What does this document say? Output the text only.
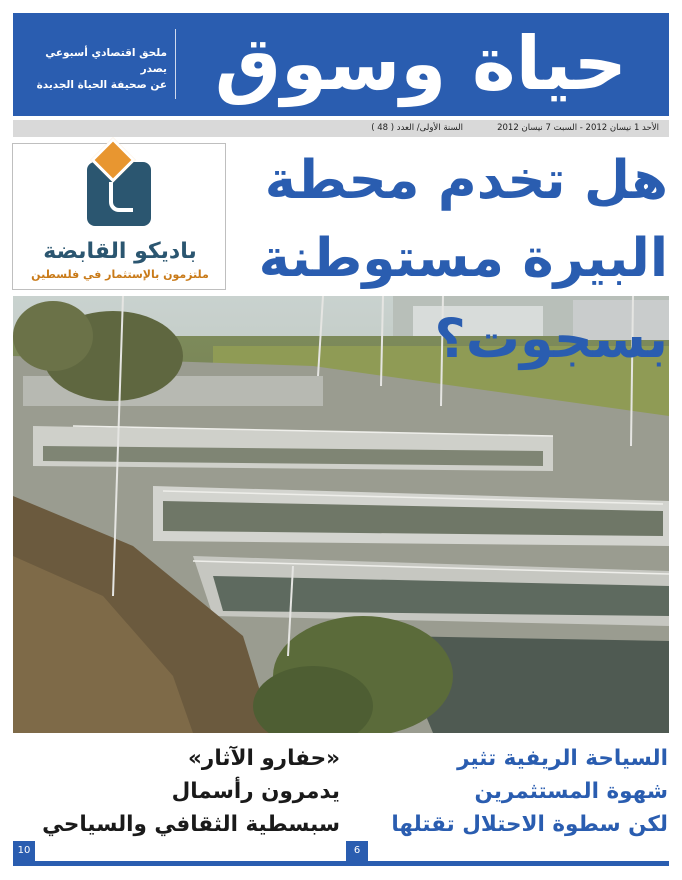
حياة وسوق
ملحق اقتصادي أسبوعي يصدر
عن صحيفة الحياة الجديدة
الأحد 1 نيسان 2012 - السبت 7 نيسان 2012
السنة الأولى/ العدد ( 48 )
باديكو القابضة
ملتزمون بالإستثمار في فلسطين
هل تخدم محطة
البيرة مستوطنة
بسجوت؟
السياحة الريفية تثير
شهوة المستثمرين
لكن سطوة الاحتلال تقتلها
6
«حفارو الآثار»
يدمرون رأسمال
سبسطية الثقافي والسياحي
10
